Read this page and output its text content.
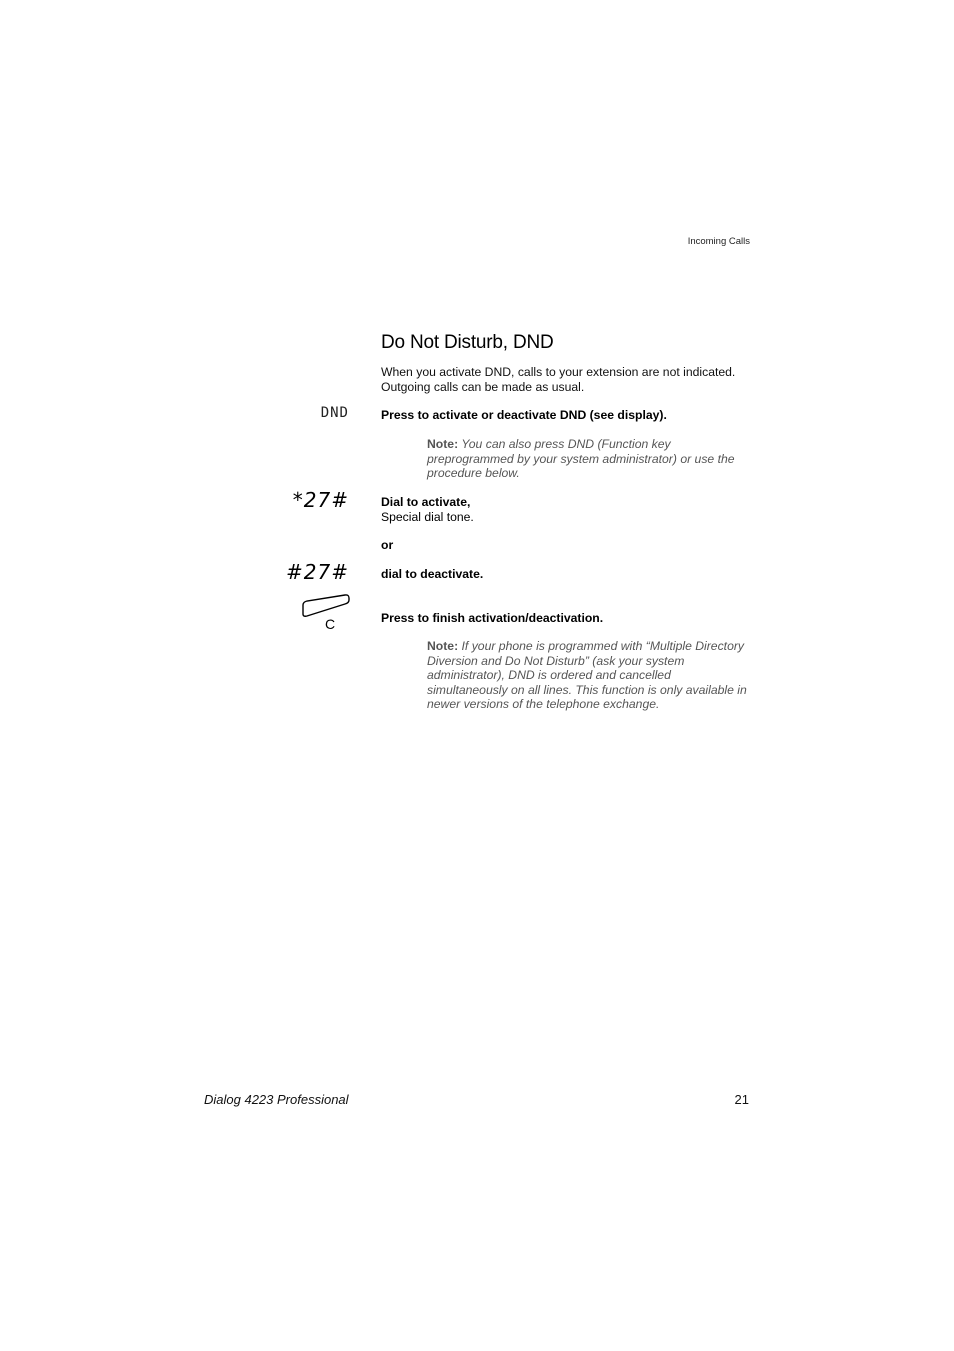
Incoming Calls
Do Not Disturb, DND
When you activate DND, calls to your extension are not indicated.
Outgoing calls can be made as usual.
DND	Press to activate or deactivate DND (see display).
Note: You can also press DND (Function key preprogrammed by your system administrator) or use the procedure below.
*27#	Dial to activate,
Special dial tone.
or
#27#	dial to deactivate.
C	Press to finish activation/deactivation.
Note: If your phone is programmed with “Multiple Directory Diversion and Do Not Disturb” (ask your system administrator), DND is ordered and cancelled simultaneously on all lines. This function is only available in newer versions of the telephone exchange.
Dialog 4223 Professional	21
